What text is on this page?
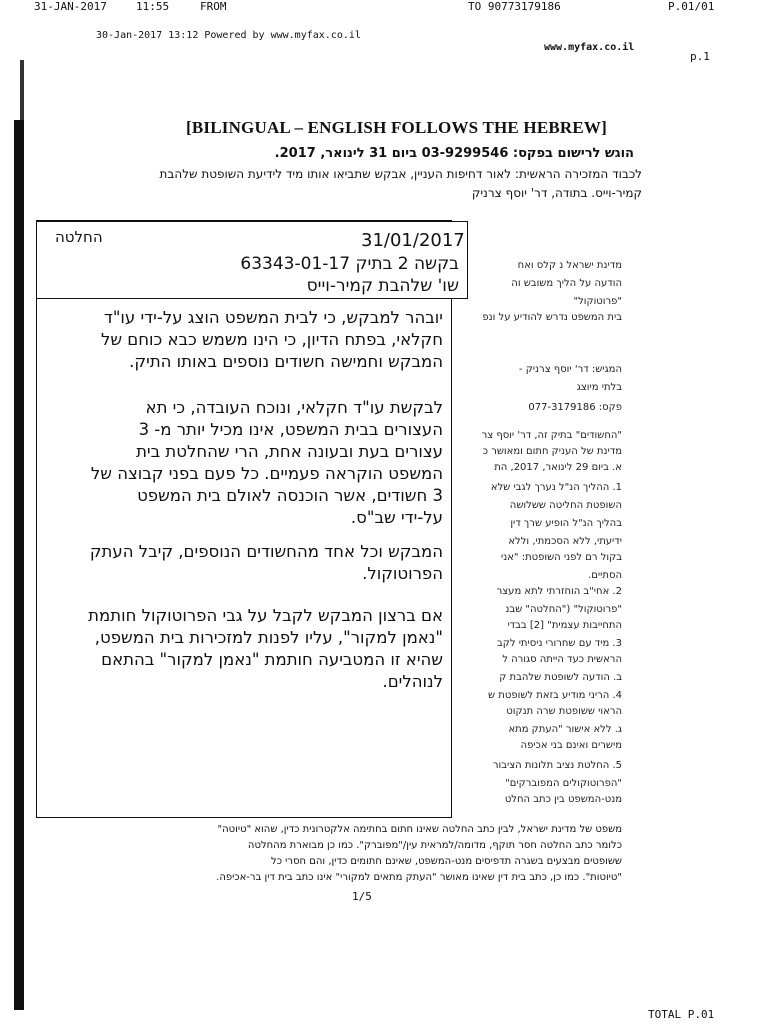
31-JAN-2017	11:55	FROM	TO 90773179186	P.01/01
30-Jan-2017 13:12 Powered by www.myfax.co.il
www.myfax.co.il
p.1
[BILINGUAL – ENGLISH FOLLOWS THE HEBREW]
הוגש לרישום בפקס: 03-9299546 ביום 31 לינואר, 2017.
לכבוד המזכירה הראשית: לאור דחיפות העניין, אבקש שתביאו אותו מיד לידיעת השופטת שלהבת
קמיר-וייס. בתודה, דר' יוסף צרניק
מדינת ישראל נ קלס ואח
הודעה על הליך משובש וה
"פרוטוקול"
בית המשפט נדרש להודיע על ונפ
המגיש: דר' יוסף צרניק -
בלתי מיוצג
פקס: 077-3179186
"החשודים" בתיק זה, דר' יוסף צר
מדינת של העניק חתום ומאושר כ
א. ביום 29 לינואר, 2017, הת
1. ההליך הנ"ל נערך לגבי שלא
השופטת החליטה ששלושה
בהליך הנ"ל הופיע שרך דין
ידיעתי, ללא הסכמתי, וללא
בקול רם לפני השופטת: "אני
הסתיים.
2. אחי"ב הוחזרתי לתא מעצר
"פרוטוקול" ("החלטה" שבנ
התחייבות עצמית" [2] בבדי
3. מיד עם שחרורי ניסיתי לקב
הראשית כעד הייתה סגורה ל
ב. הודעה לשופטת שלהבת ק
4. הריני מודיע בזאת לשופטת ש
הראוי ששופטת שרה תנקוט
ג. ללא אישור "העתק מתא
מישרים ואינם בני אכיפה
5. החלטת נציב תלונות הציבור
"הפרוטוקולים המפוברקים"
מנט-המשפט בין כתב החלט
החלטה	31/01/2017
בקשה 2 בתיק 63343-01-17
שו' שלהבת קמיר-וייס
יובהר למבקש, כי לבית המשפט הוצג על-ידי עו"ד
חקלאי, בפתח הדיון, כי הינו משמש כבא כוחם של
המבקש וחמישה חשודים נוספים באותו התיק.
לבקשת עו"ד חקלאי, ונוכח העובדה, כי תא
העצורים בבית המשפט, אינו מכיל יותר מ- 3
עצורים בעת ובעונה אחת, הרי שהחלטת בית
המשפט הוקראה פעמיים. כל פעם בפני קבוצה של
3 חשודים, אשר הוכנסה לאולם בית המשפט
על-ידי שב"ס.
המבקש וכל אחד מהחשודים הנוספים, קיבל העתק
הפרוטוקול.
אם ברצון המבקש לקבל על גבי הפרוטוקול חותמת
"נאמן למקור", עליו לפנות למזכירות בית המשפט,
שהיא זו המטביעה חותמת "נאמן למקור" בהתאם
לנוהלים.
משפט של מדינת ישראל, לבין כתב החלטה שאינו חתום בחתימה אלקטרונית כדין, שהוא "טיוטה"
כלומר כתב החלטה חסר תוקף, מדומה/למראית עין/"מפוברק". כמו כן מבוארת מהחלטה
ששופטים מבצעים בשגרה תדפיסים מנט-המשפט, שאינם חתומים כדין, והם חסרי כל
"טיוטות". כמו כן, כתב בית דין שאינו מאושר "העתק מתאים למקורי" אינו כתב בית דין בר-אכיפה.
1/5
TOTAL P.01
